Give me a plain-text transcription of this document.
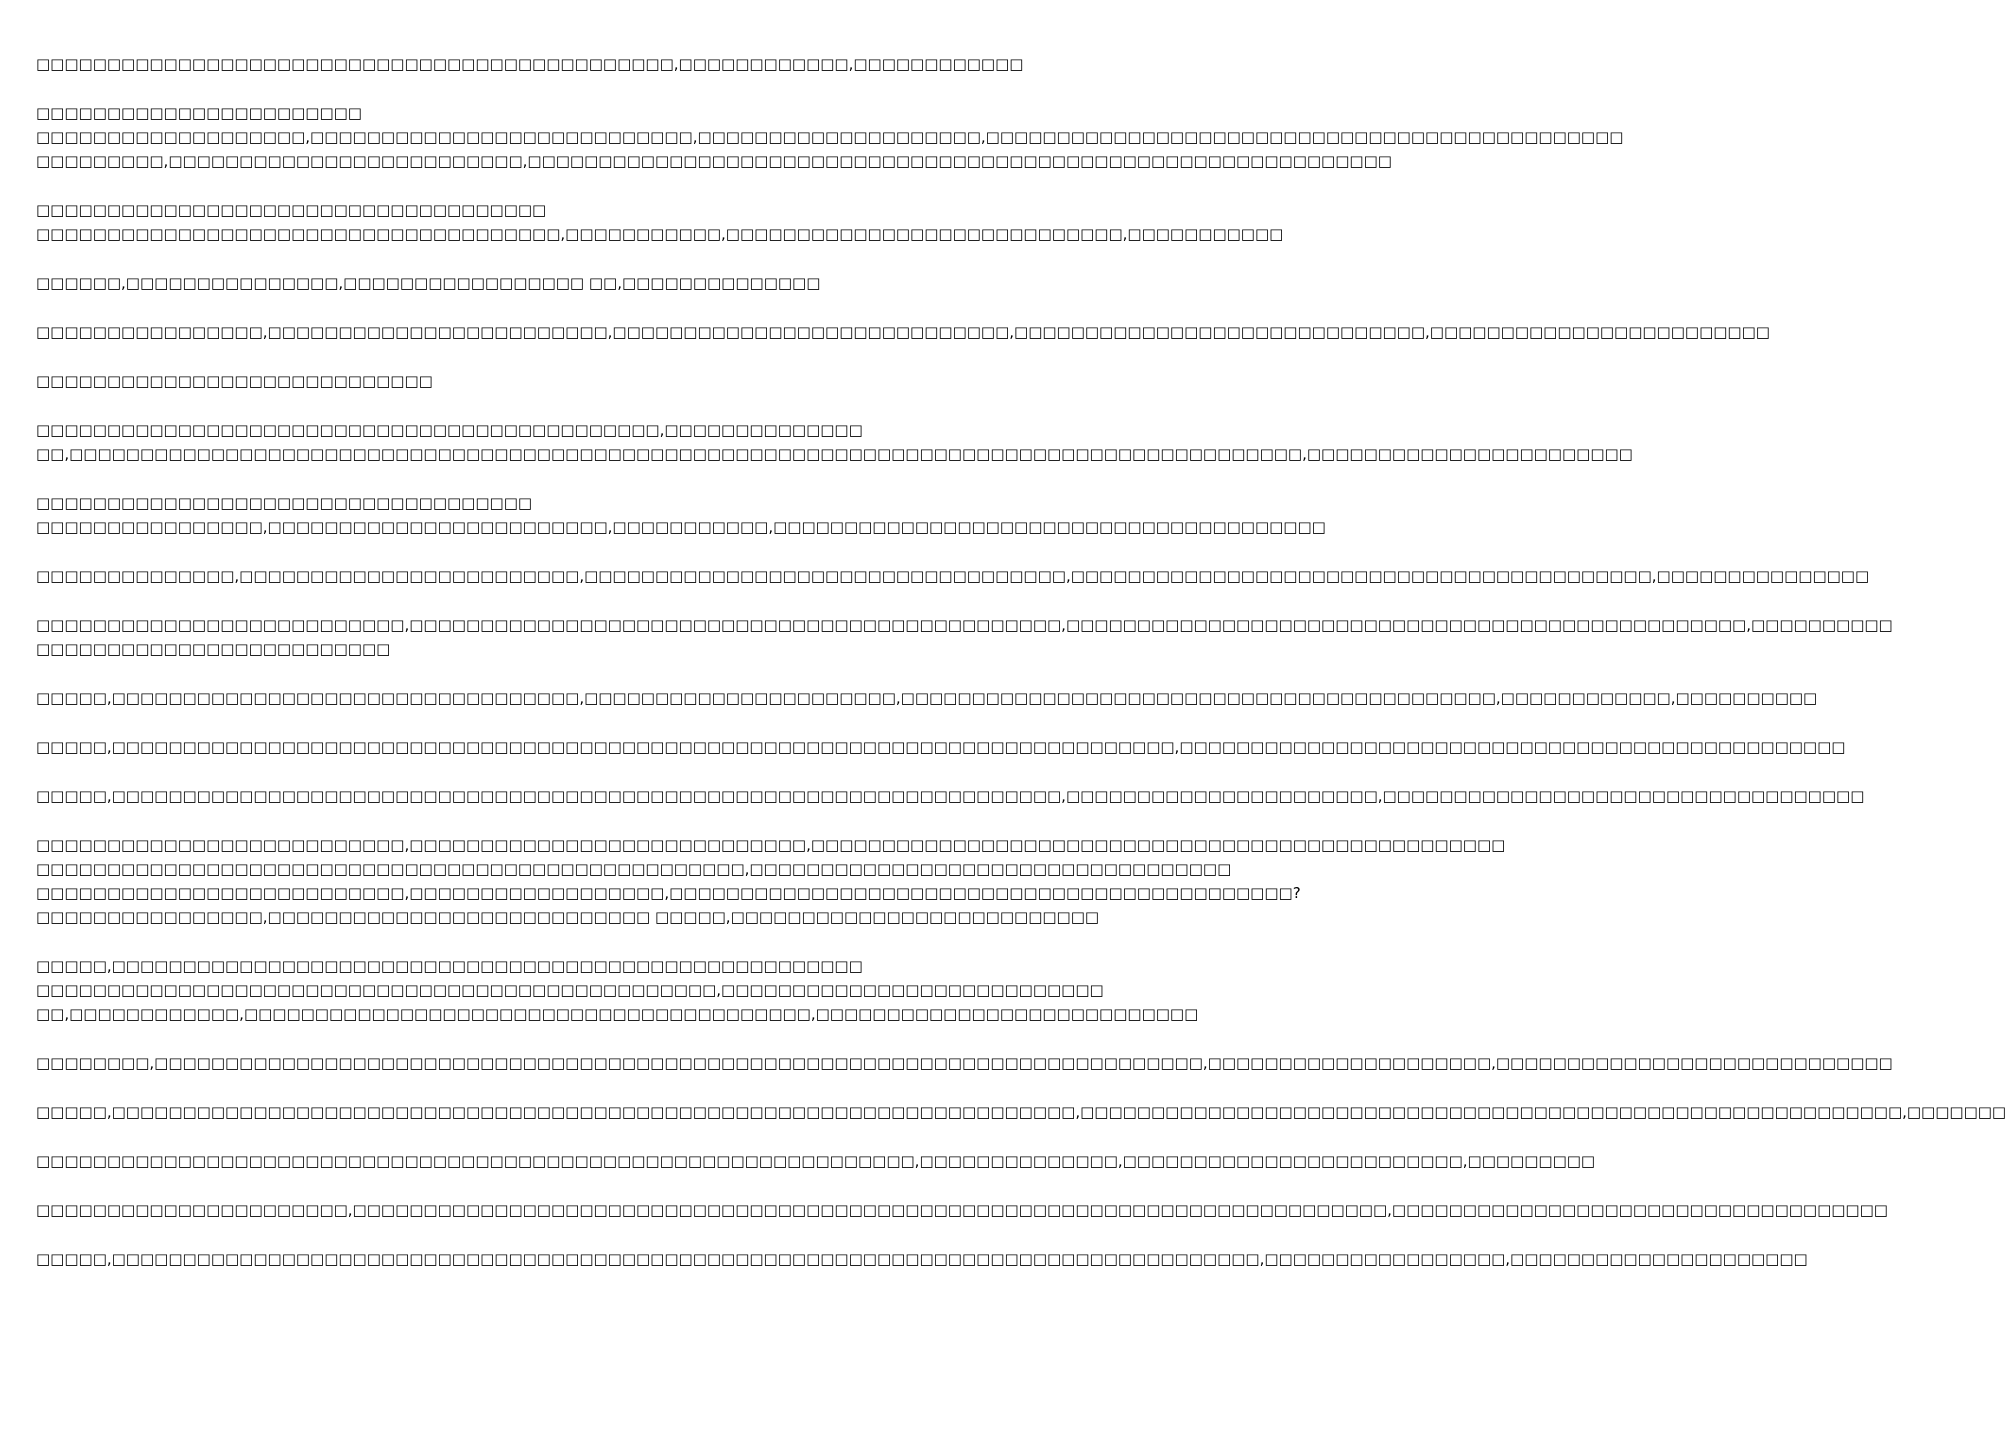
□□□□□□□□□□□□□□□□□□□□□□□□□□□□□□□□□□□□□□□□□□□□□,□□□□□□□□□□□□,□□□□□□□□□□□□
□□□□□□□□□□□□□□□□□□□□□□□
□□□□□□□□□□□□□□□□□□□,□□□□□□□□□□□□□□□□□□□□□□□□□□□,□□□□□□□□□□□□□□□□□□□□,□□□□□□□□□□□□□□□□□□□□□□□□□□□□□□□□□□□□□□□□□□□□□
□□□□□□□□□,□□□□□□□□□□□□□□□□□□□□□□□□□,□□□□□□□□□□□□□□□□□□□□□□□□□□□□□□□□□□□□□□□□□□□□□□□□□□□□□□□□□□□□□
□□□□□□□□□□□□□□□□□□□□□□□□□□□□□□□□□□□□
□□□□□□□□□□□□□□□□□□□□□□□□□□□□□□□□□□□□□,□□□□□□□□□□□,□□□□□□□□□□□□□□□□□□□□□□□□□□□□,□□□□□□□□□□□
□□□□□□,□□□□□□□□□□□□□□□,□□□□□□□□□□□□□□□□□ □□,□□□□□□□□□□□□□□
□□□□□□□□□□□□□□□□,□□□□□□□□□□□□□□□□□□□□□□□□,□□□□□□□□□□□□□□□□□□□□□□□□□□□□,□□□□□□□□□□□□□□□□□□□□□□□□□□□□□,□□□□□□□□□□□□□□□□□□□□□□□□
□□□□□□□□□□□□□□□□□□□□□□□□□□□□
□□□□□□□□□□□□□□□□□□□□□□□□□□□□□□□□□□□□□□□□□□□□,□□□□□□□□□□□□□□
□□,□□□□□□□□□□□□□□□□□□□□□□□□□□□□□□□□□□□□□□□□□□□□□□□□□□□□□□□□□□□□□□□□□□□□□□□□□□□□□□□□□□□□□□□,□□□□□□□□□□□□□□□□□□□□□□□
□□□□□□□□□□□□□□□□□□□□□□□□□□□□□□□□□□□
□□□□□□□□□□□□□□□□,□□□□□□□□□□□□□□□□□□□□□□□□,□□□□□□□□□□□,□□□□□□□□□□□□□□□□□□□□□□□□□□□□□□□□□□□□□□□
□□□□□□□□□□□□□□,□□□□□□□□□□□□□□□□□□□□□□□□,□□□□□□□□□□□□□□□□□□□□□□□□□□□□□□□□□□,□□□□□□□□□□□□□□□□□□□□□□□□□□□□□□□□□□□□□□□□□,□□□□□□□□□□□□□□□
□□□□□□□□□□□□□□□□□□□□□□□□□□,□□□□□□□□□□□□□□□□□□□□□□□□□□□□□□□□□□□□□□□□□□□□□□,□□□□□□□□□□□□□□□□□□□□□□□□□□□□□□□□□□□□□□□□□□□□□□□□,□□□□□□□□□□
□□□□□□□□□□□□□□□□□□□□□□□□□
□□□□□,□□□□□□□□□□□□□□□□□□□□□□□□□□□□□□□□□,□□□□□□□□□□□□□□□□□□□□□□,□□□□□□□□□□□□□□□□□□□□□□□□□□□□□□□□□□□□□□□□□□,□□□□□□□□□□□□,□□□□□□□□□□
□□□□□,□□□□□□□□□□□□□□□□□□□□□□□□□□□□□□□□□□□□□□□□□□□□□□□□□□□□□□□□□□□□□□□□□□□□□□□□□□□,□□□□□□□□□□□□□□□□□□□□□□□□□□□□□□□□□□□□□□□□□□□□□□□
□□□□□,□□□□□□□□□□□□□□□□□□□□□□□□□□□□□□□□□□□□□□□□□□□□□□□□□□□□□□□□□□□□□□□□□□□,□□□□□□□□□□□□□□□□□□□□□□,□□□□□□□□□□□□□□□□□□□□□□□□□□□□□□□□□□
□□□□□□□□□□□□□□□□□□□□□□□□□□,□□□□□□□□□□□□□□□□□□□□□□□□□□□□,□□□□□□□□□□□□□□□□□□□□□□□□□□□□□□□□□□□□□□□□□□□□□□□□□
□□□□□□□□□□□□□□□□□□□□□□□□□□□□□□□□□□□□□□□□□□□□□□□□□□,□□□□□□□□□□□□□□□□□□□□□□□□□□□□□□□□□□
□□□□□□□□□□□□□□□□□□□□□□□□□□,□□□□□□□□□□□□□□□□□□,□□□□□□□□□□□□□□□□□□□□□□□□□□□□□□□□□□□□□□□□□□□□?
□□□□□□□□□□□□□□□□,□□□□□□□□□□□□□□□□□□□□□□□□□□□ □□□□□,□□□□□□□□□□□□□□□□□□□□□□□□□□
□□□□□,□□□□□□□□□□□□□□□□□□□□□□□□□□□□□□□□□□□□□□□□□□□□□□□□□□□□□
□□□□□□□□□□□□□□□□□□□□□□□□□□□□□□□□□□□□□□□□□□□□□□□□,□□□□□□□□□□□□□□□□□□□□□□□□□□□
□□,□□□□□□□□□□□□,□□□□□□□□□□□□□□□□□□□□□□□□□□□□□□□□□□□□□□□□,□□□□□□□□□□□□□□□□□□□□□□□□□□□
□□□□□□□□,□□□□□□□□□□□□□□□□□□□□□□□□□□□□□□□□□□□□□□□□□□□□□□□□□□□□□□□□□□□□□□□□□□□□□□□□□□,□□□□□□□□□□□□□□□□□□□□,□□□□□□□□□□□□□□□□□□□□□□□□□□□□
□□□□□,□□□□□□□□□□□□□□□□□□□□□□□□□□□□□□□□□□□□□□□□□□□□□□□□□□□□□□□□□□□□□□□□□□□□,□□□□□□□□□□□□□□□□□□□□□□□□□□□□□□□□□□□□□□□□□□□□□□□□□□□□□□□□□□,□□□□□□□
□□□□□□□□□□□□□□□□□□□□□□□□□□□□□□□□□□□□□□□□□□□□□□□□□□□□□□□□□□□□□□,□□□□□□□□□□□□□□,□□□□□□□□□□□□□□□□□□□□□□□□,□□□□□□□□□
□□□□□□□□□□□□□□□□□□□□□□,□□□□□□□□□□□□□□□□□□□□□□□□□□□□□□□□□□□□□□□□□□□□□□□□□□□□□□□□□□□□□□□□□□□□□□□□□,□□□□□□□□□□□□□□□□□□□□□□□□□□□□□□□□□□□
□□□□□,□□□□□□□□□□□□□□□□□□□□□□□□□□□□□□□□□□□□□□□□□□□□□□□□□□□□□□□□□□□□□□□□□□□□□□□□□□□□□□□□□,□□□□□□□□□□□□□□□□□,□□□□□□□□□□□□□□□□□□□□□
